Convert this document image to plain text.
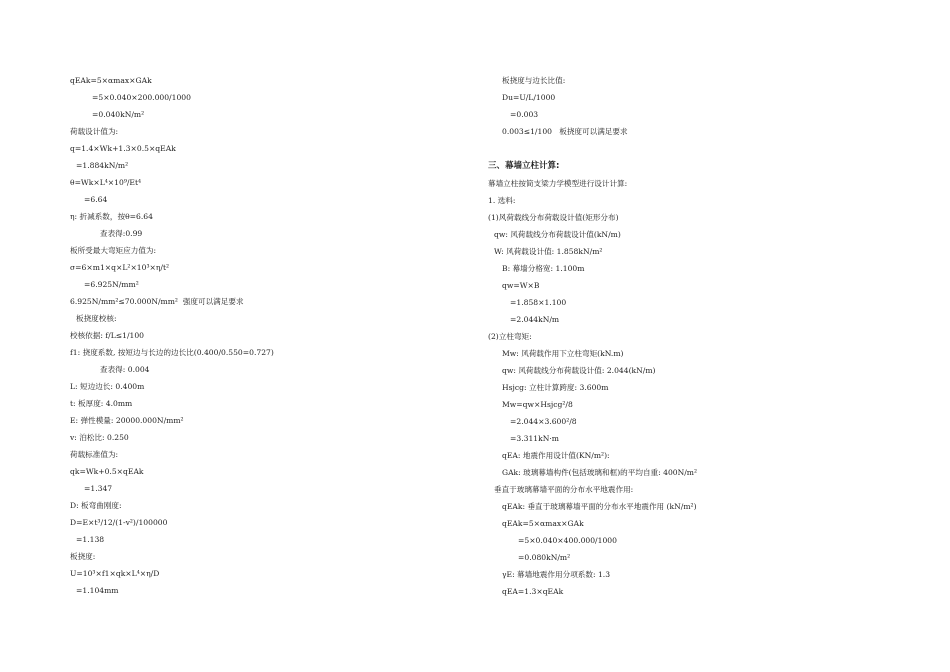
qEAk=5×αmax×GAk
=5×0.040×200.000/1000
=0.040kN/m²
荷载设计值为:
q=1.4×Wk+1.3×0.5×qEAk
=1.884kN/m²
θ=Wk×L⁴×10⁹/Et⁴
=6.64
η: 折减系数，按θ=6.64
查表得:0.99
板所受最大弯矩应力值为:
σ=6×m1×q×L²×10³×η/t²
=6.925N/mm²
6.925N/mm²≤70.000N/mm²  强度可以满足要求
板挠度校核:
校核依据: f/L≤1/100
f1: 挠度系数, 按短边与长边的边长比(0.400/0.550=0.727)
查表得: 0.004
L: 短边边长: 0.400m
t: 板厚度: 4.0mm
E: 弹性模量: 20000.000N/mm²
v: 泊松比: 0.250
荷载标准值为:
qk=Wk+0.5×qEAk
=1.347
D: 板弯曲刚度:
D=E×t³/12/(1-v²)/100000
=1.138
板挠度:
U=10³×f1×qk×L⁴×η/D
=1.104mm
板挠度与边长比值:
Du=U/L/1000
=0.003
0.003≤1/100   板挠度可以满足要求
三、幕墙立柱计算:
幕墙立柱按简支梁力学模型进行设计计算:
1. 选料:
(1)风荷载线分布荷载设计值(矩形分布)
qw: 风荷载线分布荷载设计值(kN/m)
W: 风荷载设计值: 1.858kN/m²
B: 幕墙分格宽: 1.100m
qw=W×B
=1.858×1.100
=2.044kN/m
(2)立柱弯矩:
Mw: 风荷载作用下立柱弯矩(kN.m)
qw: 风荷载线分布荷载设计值: 2.044(kN/m)
Hsjcg: 立柱计算跨度: 3.600m
Mw=qw×Hsjcg²/8
=2.044×3.600²/8
=3.311kN·m
qEA: 地震作用设计值(KN/m²):
GAk: 玻璃幕墙构件(包括玻璃和框)的平均自重: 400N/m²
垂直于玻璃幕墙平面的分布水平地震作用:
qEAk: 垂直于玻璃幕墙平面的分布水平地震作用 (kN/m²)
qEAk=5×αmax×GAk
=5×0.040×400.000/1000
=0.080kN/m²
γE: 幕墙地震作用分项系数: 1.3
qEA=1.3×qEAk
